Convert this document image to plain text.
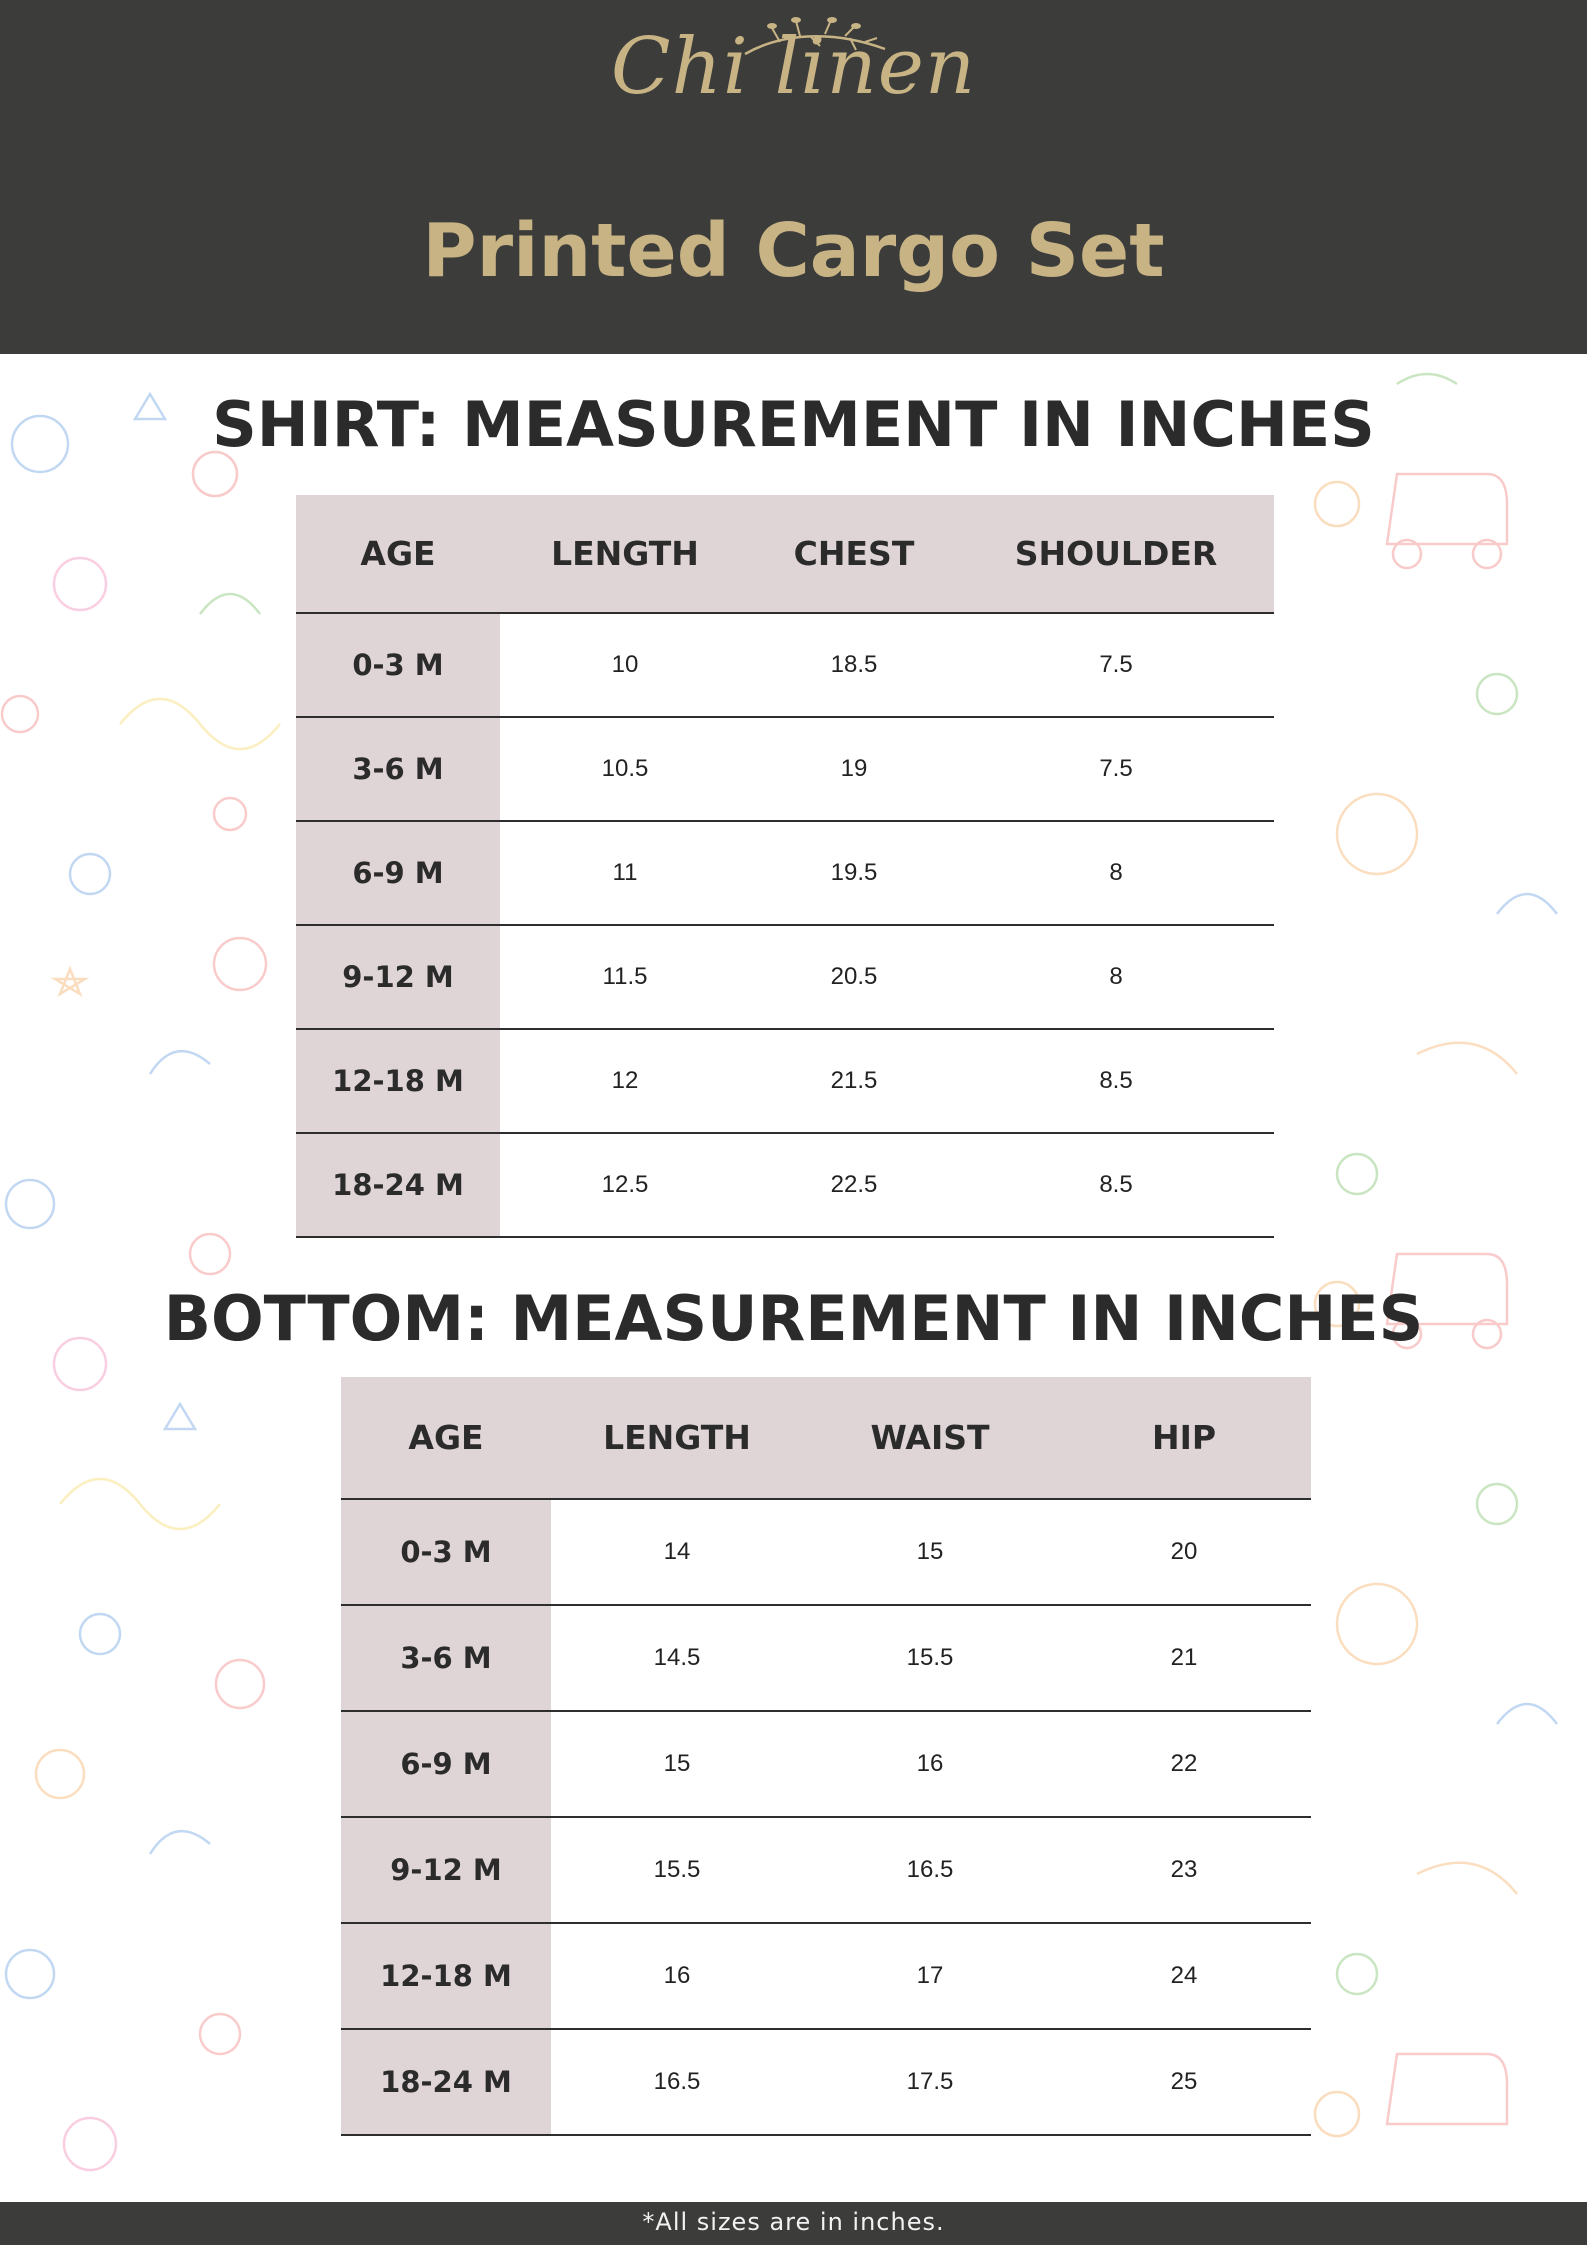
Chi linen
Printed Cargo Set
SHIRT: MEASUREMENT IN INCHES
AGE	LENGTH	CHEST	SHOULDER
0-3 M	10	18.5	7.5
3-6 M	10.5	19	7.5
6-9 M	11	19.5	8
9-12 M	11.5	20.5	8
12-18 M	12	21.5	8.5
18-24 M	12.5	22.5	8.5
BOTTOM: MEASUREMENT IN INCHES
AGE	LENGTH	WAIST	HIP
0-3 M	14	15	20
3-6 M	14.5	15.5	21
6-9 M	15	16	22
9-12 M	15.5	16.5	23
12-18 M	16	17	24
18-24 M	16.5	17.5	25
*All sizes are in inches.
